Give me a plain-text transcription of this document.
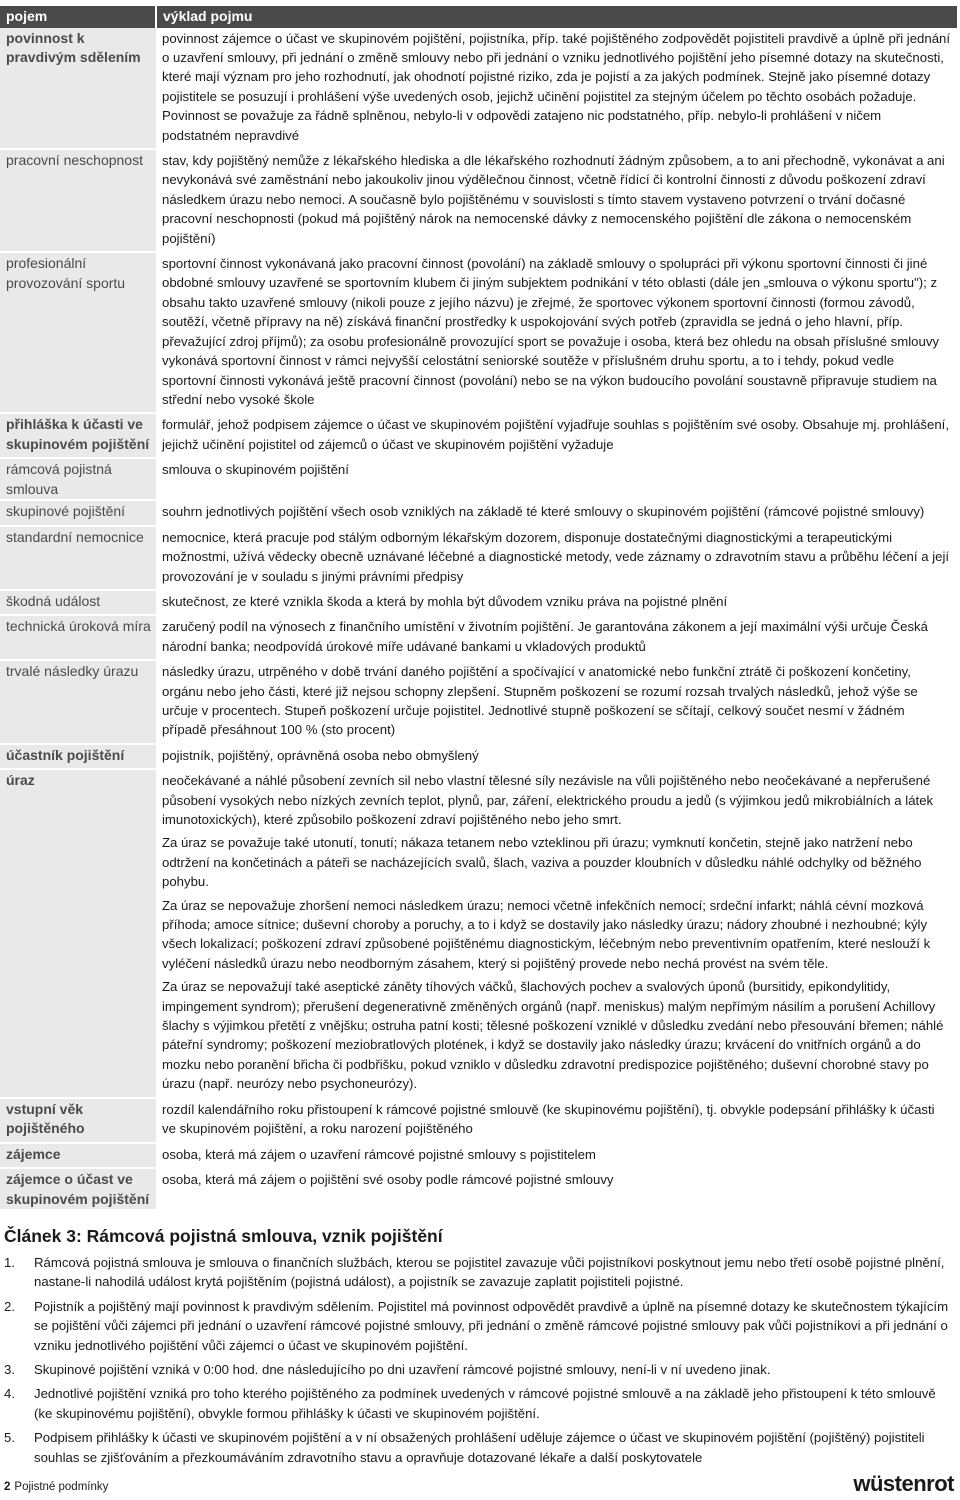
pojem	výklad pojmu
povinnost k pravdivým sdělením	povinnost zájemce o účast ve skupinovém pojištění, pojistníka, příp. také pojištěného zodpovědět pojistiteli pravdivě a úplně při jednání o uzavření smlouvy, při jednání o změně smlouvy nebo při jednání o vzniku jednotlivého pojištění jeho písemné dotazy na skutečnosti, které mají význam pro jeho rozhodnutí, jak ohodnotí pojistné riziko, zda je pojistí a za jakých podmínek. Stejně jako písemné dotazy pojistitele se posuzují i prohlášení výše uvedených osob, jejichž učinění pojistitel za stejným účelem po těchto osobách požaduje. Povinnost se považuje za řádně splněnou, nebylo-li v odpovědi zatajeno nic podstatného, příp. nebylo-li prohlášení v ničem podstatném nepravdivé

pracovní neschopnost	stav, kdy pojištěný nemůže z lékařského hlediska a dle lékařského rozhodnutí žádným způsobem, a to ani přechodně, vykonávat a ani nevykonává své zaměstnání nebo jakoukoliv jinou výdělečnou činnost, včetně řídící či kontrolní činnosti z důvodu poškození zdraví následkem úrazu nebo nemoci. A současně bylo pojištěnému v souvislosti s tímto stavem vystaveno potvrzení o trvání dočasné pracovní neschopnosti (pokud má pojištěný nárok na nemocenské dávky z nemocenského pojištění dle zákona o nemocenském pojištění)

profesionální provozování sportu	sportovní činnost vykonávaná jako pracovní činnost (povolání) na základě smlouvy o spolupráci při výkonu sportovní činnosti či jiné obdobné smlouvy uzavřené se sportovním klubem či jiným subjektem podnikání v této oblasti (dále jen „smlouva o výkonu sportu"); z obsahu takto uzavřené smlouvy (nikoli pouze z jejího názvu) je zřejmé, že sportovec výkonem sportovní činnosti (formou závodů, soutěží, včetně přípravy na ně) získává finanční prostředky k uspokojování svých potřeb (zpravidla se jedná o jeho hlavní, příp. převažující zdroj příjmů); za osobu profesionálně provozující sport se považuje i osoba, která bez ohledu na obsah příslušné smlouvy vykonává sportovní činnost v rámci nejvyšší celostátní seniorské soutěže v příslušném druhu sportu, a to i tehdy, pokud vedle sportovní činnosti vykonává ještě pracovní činnost (povolání) nebo se na výkon budoucího povolání soustavně připravuje studiem na střední nebo vysoké škole

přihláška k účasti ve skupinovém pojištění	formulář, jehož podpisem zájemce o účast ve skupinovém pojištění vyjadřuje souhlas s pojištěním své osoby. Obsahuje mj. prohlášení, jejichž učinění pojistitel od zájemců o účast ve skupinovém pojištění vyžaduje

rámcová pojistná smlouva	smlouva o skupinovém pojištění

skupinové pojištění	souhrn jednotlivých pojištění všech osob vzniklých na základě té které smlouvy o skupinovém pojištění (rámcové pojistné smlouvy)

standardní nemocnice	nemocnice, která pracuje pod stálým odborným lékařským dozorem, disponuje dostatečnými diagnostickými a terapeutickými možnostmi, užívá vědecky obecně uznávané léčebné a diagnostické metody, vede záznamy o zdravotním stavu a průběhu léčení a její provozování je v souladu s jinými právními předpisy

škodná událost	skutečnost, ze které vznikla škoda a která by mohla být důvodem vzniku práva na pojistné plnění

technická úroková míra	zaručený podíl na výnosech z finančního umístění v životním pojištění. Je garantována zákonem a její maximální výši určuje Česká národní banka; neodpovídá úrokové míře udávané bankami u vkladových produktů

trvalé následky úrazu	následky úrazu, utrpěného v době trvání daného pojištění a spočívající v anatomické nebo funkční ztrátě či poškození končetiny, orgánu nebo jeho části, které již nejsou schopny zlepšení. Stupněm poškození se rozumí rozsah trvalých následků, jehož výše se určuje v procentech. Stupeň poškození určuje pojistitel. Jednotlivé stupně poškození se sčítají, celkový součet nesmí v žádném případě přesáhnout 100 % (sto procent)

účastník pojištění	pojistník, pojištěný, oprávněná osoba nebo obmyšlený

úraz	neočekávané a náhlé působení zevních sil nebo vlastní tělesné síly nezávisle na vůli pojištěného nebo neočekávané a nepřerušené působení vysokých nebo nízkých zevních teplot, plynů, par, záření, elektrického proudu a jedů (s výjimkou jedů mikrobiálních a látek imunotoxických), které způsobilo poškození zdraví pojištěného nebo jeho smrt.

Za úraz se považuje také utonutí, tonutí; nákaza tetanem nebo vzteklinou při úrazu; vymknutí končetin, stejně jako natržení nebo odtržení na končetinách a páteři se nacházejících svalů, šlach, vaziva a pouzder kloubních v důsledku náhlé odchylky od běžného pohybu.

Za úraz se nepovažuje zhoršení nemoci následkem úrazu; nemoci včetně infekčních nemocí; srdeční infarkt; náhlá cévní mozková příhoda; amoce sítnice; duševní choroby a poruchy, a to i když se dostavily jako následky úrazu; nádory zhoubné i nezhoubné; kýly všech lokalizací; poškození zdraví způsobené pojištěnému diagnostickým, léčebným nebo preventivním opatřením, které neslouží k vyléčení následků úrazu nebo neodborným zásahem, který si pojištěný provede nebo nechá provést na svém těle.

Za úraz se nepovažují také aseptické záněty tíhových váčků, šlachových pochev a svalových úponů (bursitidy, epikondylitidy, impingement syndrom); přerušení degenerativně změněných orgánů (např. meniskus) malým nepřímým násilím a porušení Achillovy šlachy s výjimkou přetětí z vnějšku; ostruha patní kosti; tělesné poškození vzniklé v důsledku zvedání nebo přesouvání břemen; náhlé páteřní syndromy; poškození meziobratlových plotének, i když se dostavily jako následky úrazu; krvácení do vnitřních orgánů a do mozku nebo poranění břicha či podbřišku, pokud vzniklo v důsledku zdravotní predispozice pojištěného; duševní chorobné stavy po úrazu (např. neurózy nebo psychoneurózy).

vstupní věk pojištěného	rozdíl kalendářního roku přistoupení k rámcové pojistné smlouvě (ke skupinovému pojištění), tj. obvykle podepsání přihlášky k účasti ve skupinovém pojištění, a roku narození pojištěného

zájemce	osoba, která má zájem o uzavření rámcové pojistné smlouvy s pojistitelem

zájemce o účast ve skupinovém pojištění	osoba, která má zájem o pojištění své osoby podle rámcové pojistné smlouvy

Článek 3: Rámcová pojistná smlouva, vznik pojištění
1. Rámcová pojistná smlouva je smlouva o finančních službách, kterou se pojistitel zavazuje vůči pojistníkovi poskytnout jemu nebo třetí osobě pojistné plnění, nastane-li nahodilá událost krytá pojištěním (pojistná událost), a pojistník se zavazuje zaplatit pojistiteli pojistné.
2. Pojistník a pojištěný mají povinnost k pravdivým sdělením. Pojistitel má povinnost odpovědět pravdivě a úplně na písemné dotazy ke skutečnostem týkajícím se pojištění vůči zájemci při jednání o uzavření rámcové pojistné smlouvy, při jednání o změně rámcové pojistné smlouvy pak vůči pojistníkovi a při jednání o vzniku jednotlivého pojištění vůči zájemci o účast ve skupinovém pojištění.
3. Skupinové pojištění vzniká v 0:00 hod. dne následujícího po dni uzavření rámcové pojistné smlouvy, není-li v ní uvedeno jinak.
4. Jednotlivé pojištění vzniká pro toho kterého pojištěného za podmínek uvedených v rámcové pojistné smlouvě a na základě jeho přistoupení k této smlouvě (ke skupinovému pojištění), obvykle formou přihlášky k účasti ve skupinovém pojištění.
5. Podpisem přihlášky k účasti ve skupinovém pojištění a v ní obsažených prohlášení uděluje zájemce o účast ve skupinovém pojištění (pojištěný) pojistiteli souhlas se zjišťováním a přezkoumáváním zdravotního stavu a opravňuje dotazované lékaře a další poskytovatele
2 Pojistné podmínky	wüstenrot
